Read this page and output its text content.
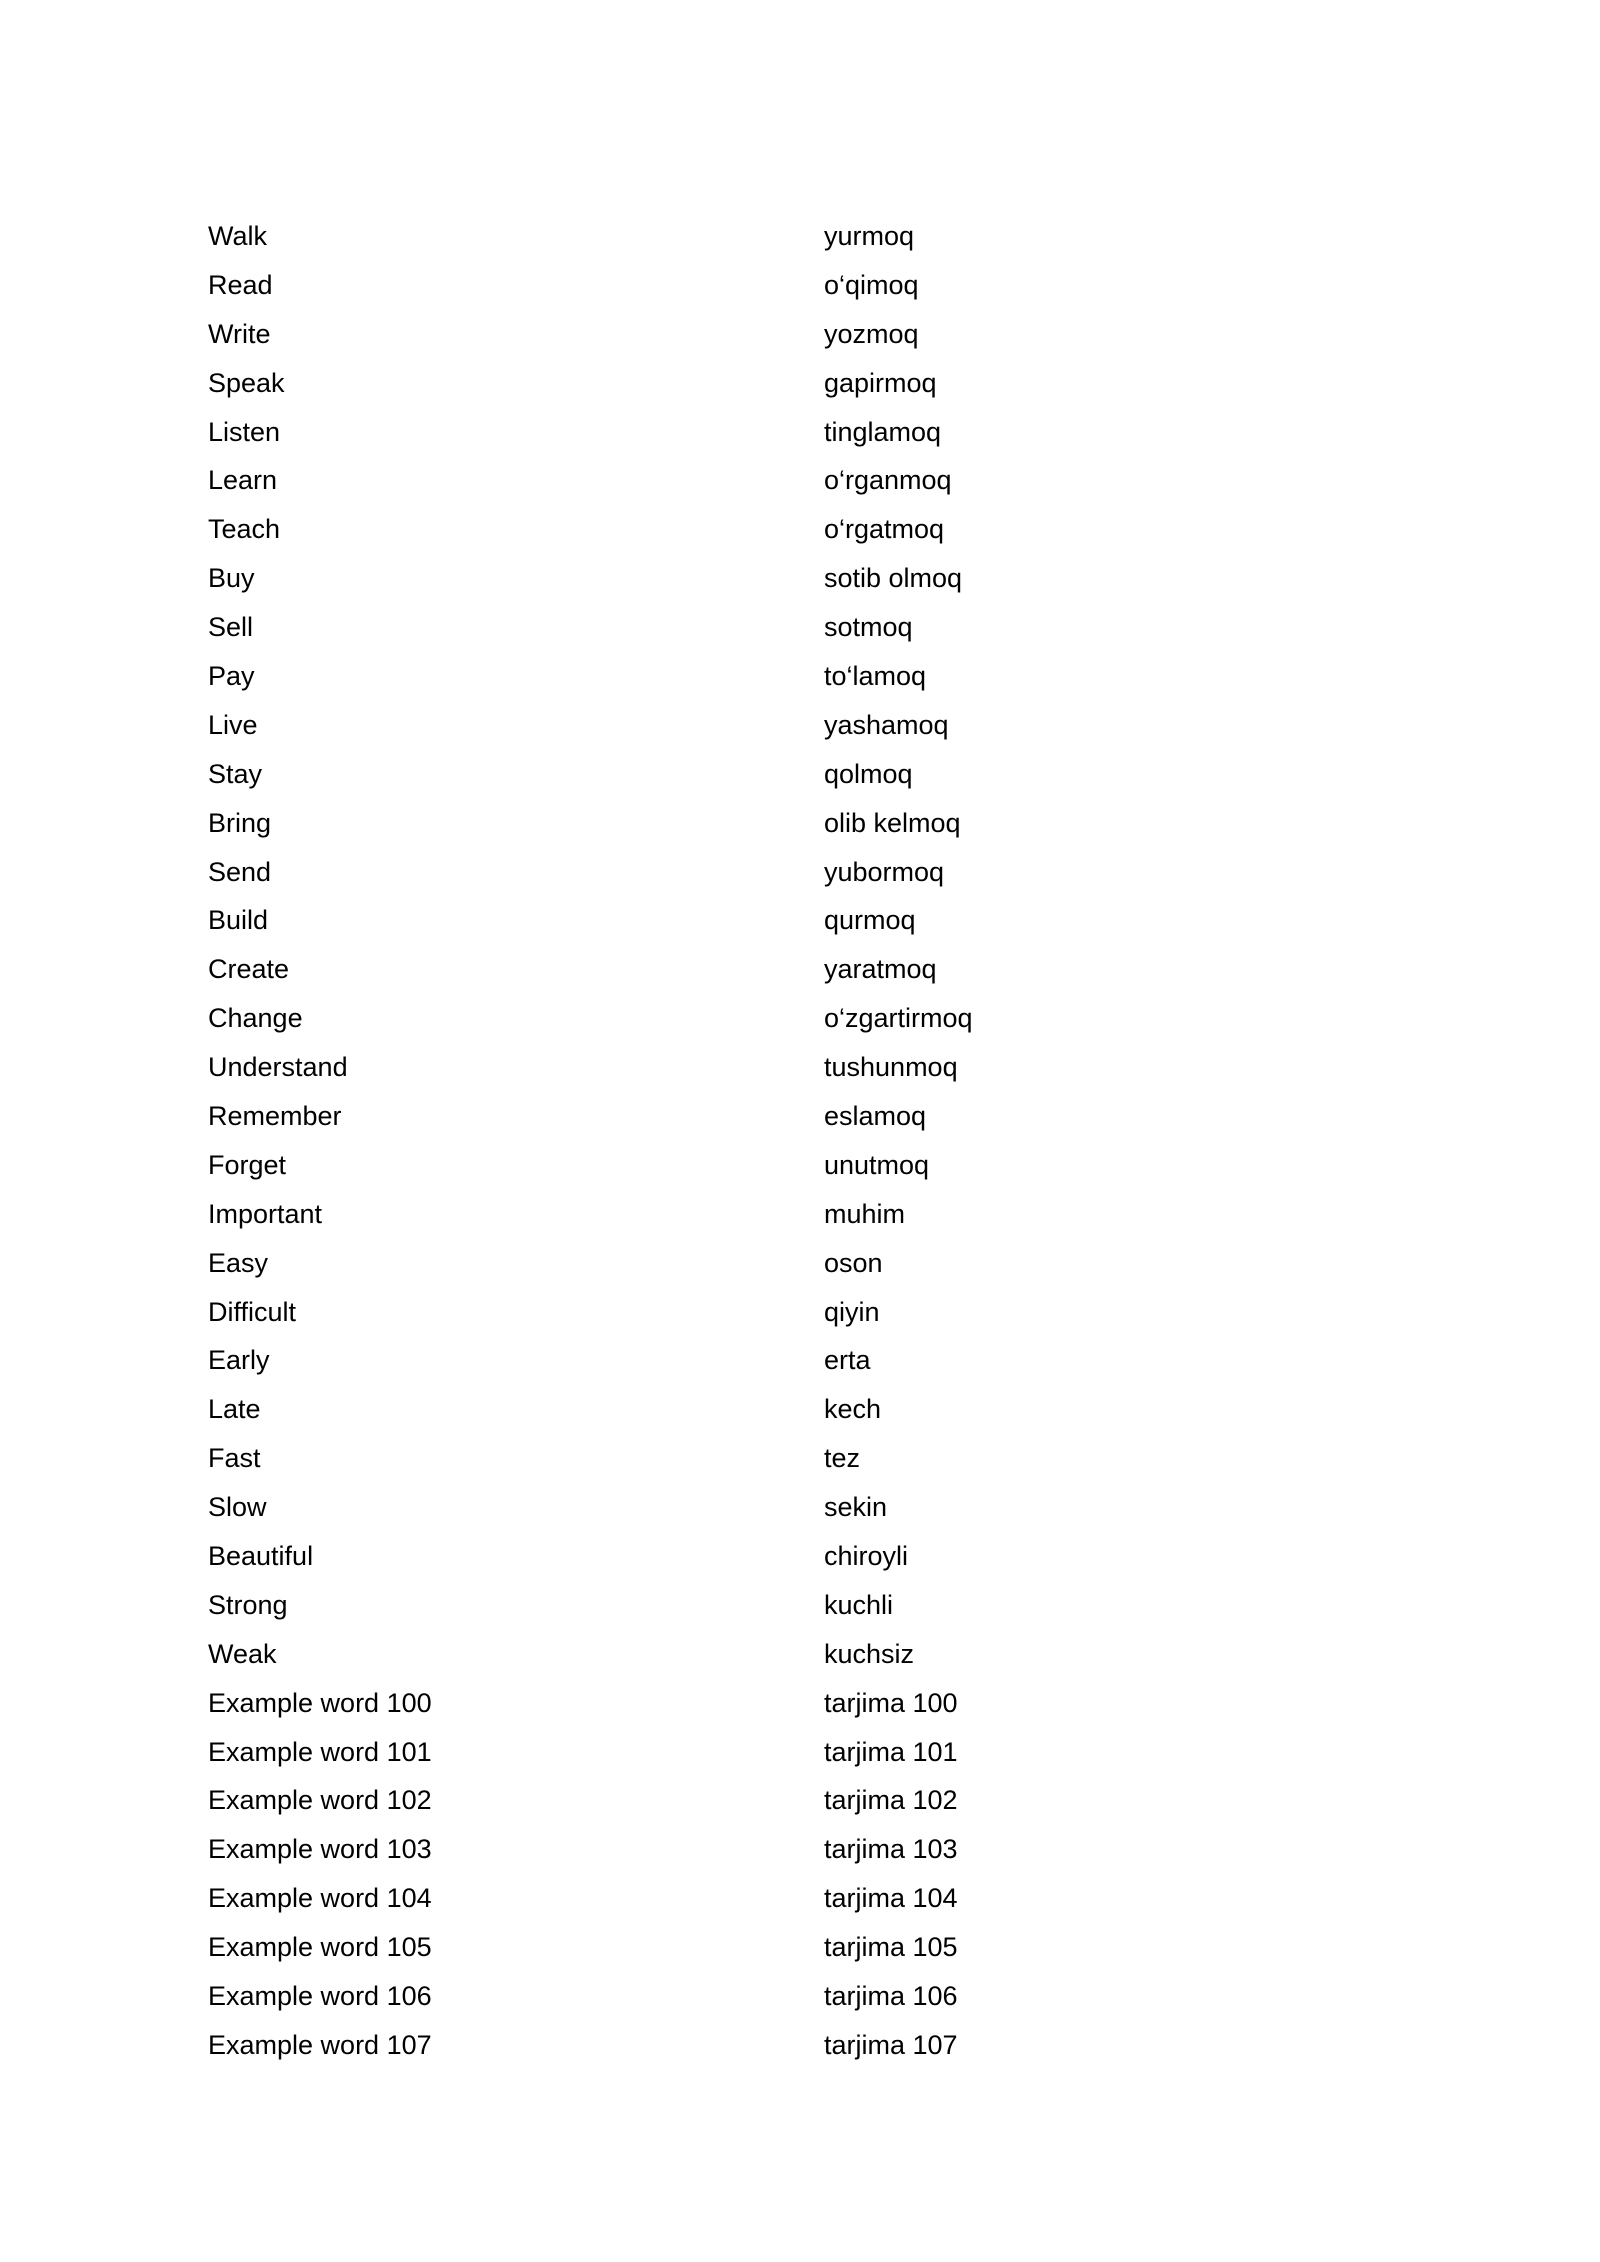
Walk	yurmoq
Read	o‘qimoq
Write	yozmoq
Speak	gapirmoq
Listen	tinglamoq
Learn	o‘rganmoq
Teach	o‘rgatmoq
Buy	sotib olmoq
Sell	sotmoq
Pay	to‘lamoq
Live	yashamoq
Stay	qolmoq
Bring	olib kelmoq
Send	yubormoq
Build	qurmoq
Create	yaratmoq
Change	o‘zgartirmoq
Understand	tushunmoq
Remember	eslamoq
Forget	unutmoq
Important	muhim
Easy	oson
Difficult	qiyin
Early	erta
Late	kech
Fast	tez
Slow	sekin
Beautiful	chiroyli
Strong	kuchli
Weak	kuchsiz
Example word 100	tarjima 100
Example word 101	tarjima 101
Example word 102	tarjima 102
Example word 103	tarjima 103
Example word 104	tarjima 104
Example word 105	tarjima 105
Example word 106	tarjima 106
Example word 107	tarjima 107
